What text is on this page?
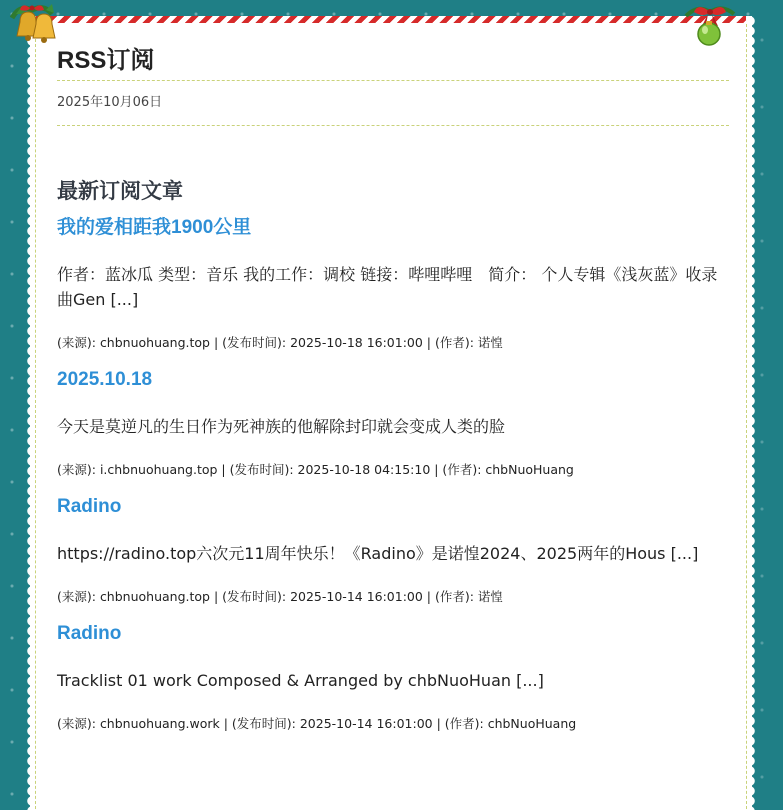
RSS订阅
2025年10月06日
最新订阅文章
我的爱相距我1900公里
作者：蓝冰瓜 类型：音乐 我的工作：调校 链接：哔哩哔哩　简介： 个人专辑《浅灰蓝》收录曲Gen [...]
(来源): chbnuohuang.top | (发布时间): 2025-10-18 16:01:00 | (作者): 诺惶
2025.10.18
今天是莫逆凡的生日作为死神族的他解除封印就会变成人类的脸
(来源): i.chbnuohuang.top | (发布时间): 2025-10-18 04:15:10 | (作者): chbNuoHuang
Radino
https://radino.top六次元11周年快乐！《Radino》是诺惶2024、2025两年的Hous [...]
(来源): chbnuohuang.top | (发布时间): 2025-10-14 16:01:00 | (作者): 诺惶
Radino
Tracklist 01 work Composed & Arranged by chbNuoHuan [...]
(来源): chbnuohuang.work | (发布时间): 2025-10-14 16:01:00 | (作者): chbNuoHuang
